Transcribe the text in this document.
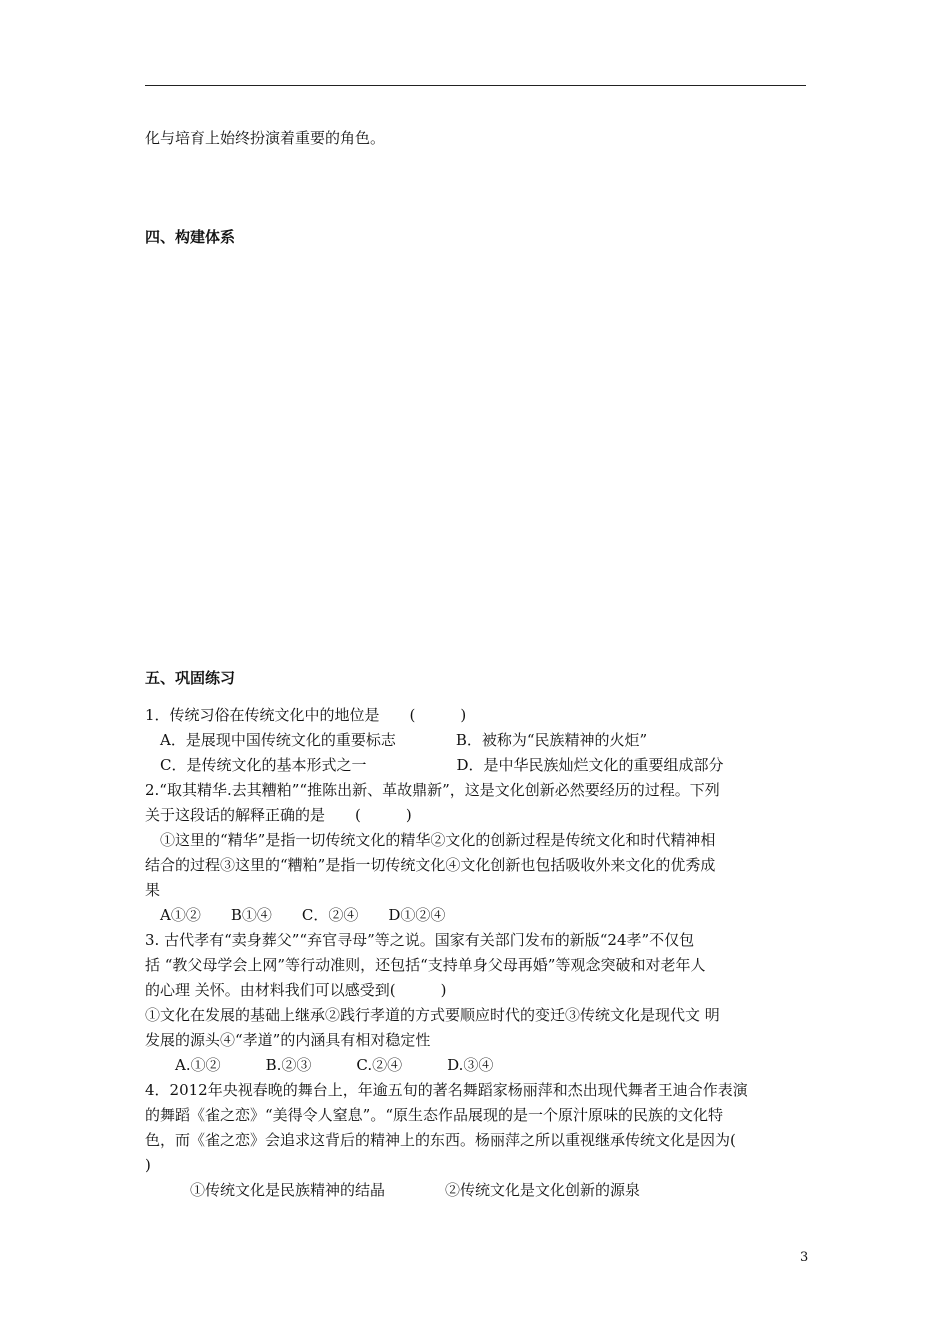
化与培育上始终扮演着重要的角色。
四、构建体系
五、巩固练习
1．传统习俗在传统文化中的地位是　　(　　　)
　A．是展现中国传统文化的重要标志　　　　B．被称为“民族精神的火炬”
　C．是传统文化的基本形式之一　　　　　　D．是中华民族灿烂文化的重要组成部分
2.“取其精华.去其糟粕”“推陈出新、革故鼎新”，这是文化创新必然要经历的过程。下列
关于这段话的解释正确的是　　(　　　)
　①这里的“精华”是指一切传统文化的精华②文化的创新过程是传统文化和时代精神相
结合的过程③这里的“糟粕”是指一切传统文化④文化创新也包括吸收外来文化的优秀成
果
　A①②　　B①④　　C．②④　　D①②④
3. 古代孝有“卖身葬父”“弃官寻母”等之说。国家有关部门发布的新版“24孝”不仅包
括 “教父母学会上网”等行动准则，还包括“支持单身父母再婚”等观念突破和对老年人
的心理 关怀。由材料我们可以感受到(　　　)
①文化在发展的基础上继承②践行孝道的方式要顺应时代的变迁③传统文化是现代文 明
发展的源头④“孝道”的内涵具有相对稳定性
　　A.①②　　　B.②③　　　C.②④　　　D.③④
4．2012年央视春晚的舞台上，年逾五旬的著名舞蹈家杨丽萍和杰出现代舞者王迪合作表演
的舞蹈《雀之恋》“美得令人窒息”。“原生态作品展现的是一个原汁原味的民族的文化特
色，而《雀之恋》会追求这背后的精神上的东西。杨丽萍之所以重视继承传统文化是因为(
)
　　　①传统文化是民族精神的结晶　　　　②传统文化是文化创新的源泉
3
